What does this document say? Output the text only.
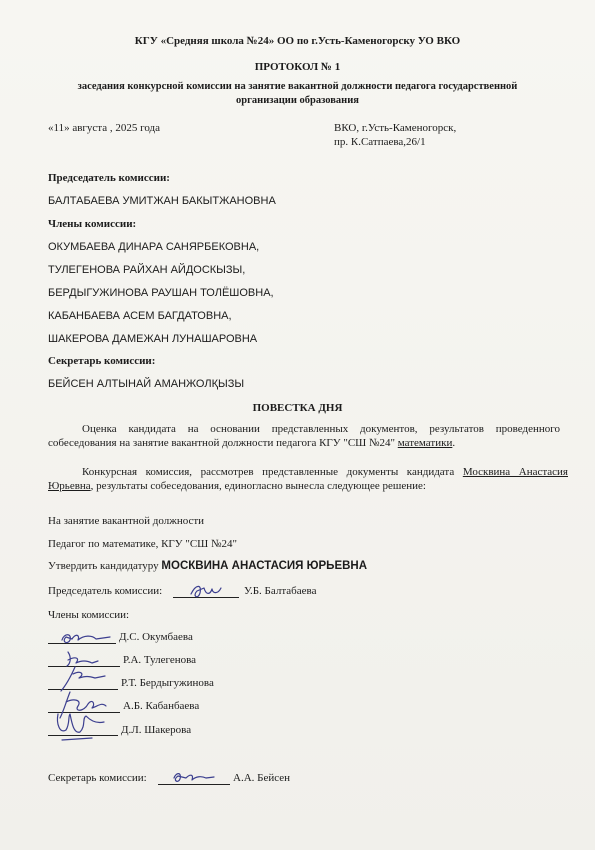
КГУ «Средняя школа №24» ОО по г.Усть-Каменогорску УО ВКО
ПРОТОКОЛ № 1
заседания конкурсной комиссии на занятие вакантной должности педагога государственной
организации образования
«11» августа , 2025 года	ВКО, г.Усть-Каменогорск,
пр. К.Сатпаева,26/1
Председатель комиссии:
БАЛТАБАЕВА УМИТЖАН БАКЫТЖАНОВНА
Члены комиссии:
ОКУМБАЕВА ДИНАРА САНЯРБЕКОВНА,
ТУЛЕГЕНОВА РАЙХАН АЙДОСКЫЗЫ,
БЕРДЫГУЖИНОВА РАУШАН ТОЛЁШОВНА,
КАБАНБАЕВА АСЕМ БАГДАТОВНА,
ШАКЕРОВА ДАМЕЖАН ЛУНАШАРОВНА
Секретарь комиссии:
БЕЙСЕН АЛТЫНАЙ АМАНЖОЛҚЫЗЫ
ПОВЕСТКА ДНЯ
Оценка кандидата на основании представленных документов, результатов проведенного собеседования на занятие вакантной должности педагога КГУ "СШ №24" математики.
Конкурсная комиссия, рассмотрев представленные документы кандидата Москвина Анастасия Юрьевна, результаты собеседования, единогласно вынесла следующее решение:
На занятие вакантной должности
Педагог по математике, КГУ "СШ №24"
Утвердить кандидатуру МОСКВИНА АНАСТАСИЯ ЮРЬЕВНА
Председатель комиссии:	У.Б. Балтабаева
Члены комиссии:
Д.С. Окумбаева
Р.А. Тулегенова
Р.Т. Бердыгужинова
А.Б. Кабанбаева
Д.Л. Шакерова
Секретарь комиссии:	А.А. Бейсен
